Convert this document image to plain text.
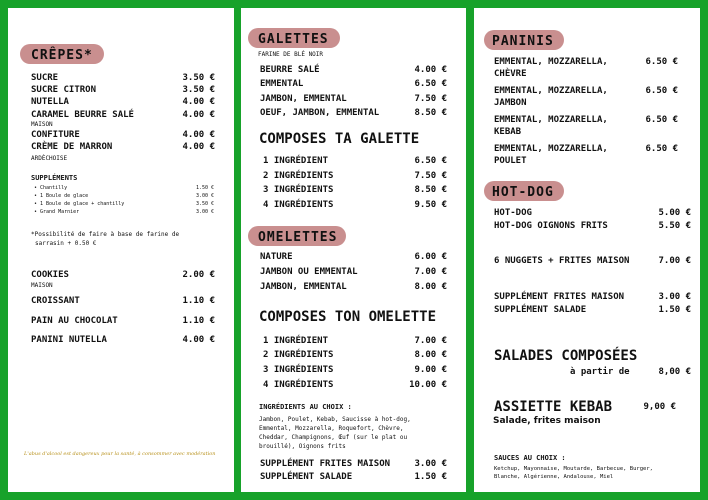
CRÊPES*
SUCRE	3.50 €
SUCRE CITRON	3.50 €
NUTELLA	4.00 €
CARAMEL BEURRE SALÉ	4.00 €
MAISON
CONFITURE	4.00 €
CRÈME DE MARRON	4.00 €
ARDÈCHOISE
SUPPLÉMENTS
• Chantilly	1.50 €
• 1 Boule de glace	3.00 €
• 1 Boule de glace + chantilly	3.50 €
• Grand Marnier	3.00 €
*Possibilité de faire à base de farine de
sarrasin + 0.50 €
COOKIES	2.00 €
MAISON
CROISSANT	1.10 €
PAIN AU CHOCOLAT	1.10 €
PANINI NUTELLA	4.00 €
L'abus d'alcool est dangereux pour la santé, à consommer avec modération
GALETTES
FARINE DE BLÉ NOIR
BEURRE SALÉ	4.00 €
EMMENTAL	6.50 €
JAMBON, EMMENTAL	7.50 €
OEUF, JAMBON, EMMENTAL	8.50 €
COMPOSES TA GALETTE
1 INGRÉDIENT	6.50 €
2 INGRÉDIENTS	7.50 €
3 INGRÉDIENTS	8.50 €
4 INGRÉDIENTS	9.50 €
OMELETTES
NATURE	6.00 €
JAMBON OU EMMENTAL	7.00 €
JAMBON, EMMENTAL	8.00 €
COMPOSES TON OMELETTE
1 INGRÉDIENT	7.00 €
2 INGRÉDIENTS	8.00 €
3 INGRÉDIENTS	9.00 €
4 INGRÉDIENTS	10.00 €
INGRÉDIENTS AU CHOIX :
Jambon, Poulet, Kebab, Saucisse à hot-dog,
Emmental, Mozzarella, Roquefort, Chèvre,
Cheddar, Champignons, Œuf (sur le plat ou
brouillé), Oignons frits
SUPPLÉMENT FRITES MAISON	3.00 €
SUPPLÉMENT SALADE	1.50 €
PANINIS
EMMENTAL, MOZZARELLA,	6.50 €
CHÈVRE
EMMENTAL, MOZZARELLA,	6.50 €
JAMBON
EMMENTAL, MOZZARELLA,	6.50 €
KEBAB
EMMENTAL, MOZZARELLA,	6.50 €
POULET
HOT-DOG
HOT-DOG	5.00 €
HOT-DOG OIGNONS FRITS	5.50 €
6 NUGGETS + FRITES MAISON	7.00 €
SUPPLÉMENT FRITES MAISON	3.00 €
SUPPLÉMENT SALADE	1.50 €
SALADES COMPOSÉES
à partir de	8,00 €
ASSIETTE KEBAB	9,00 €
Salade, frites maison
SAUCES AU CHOIX :
Ketchup, Mayonnaise, Moutarde, Barbecue, Burger,
Blanche, Algérienne, Andalouse, Miel
